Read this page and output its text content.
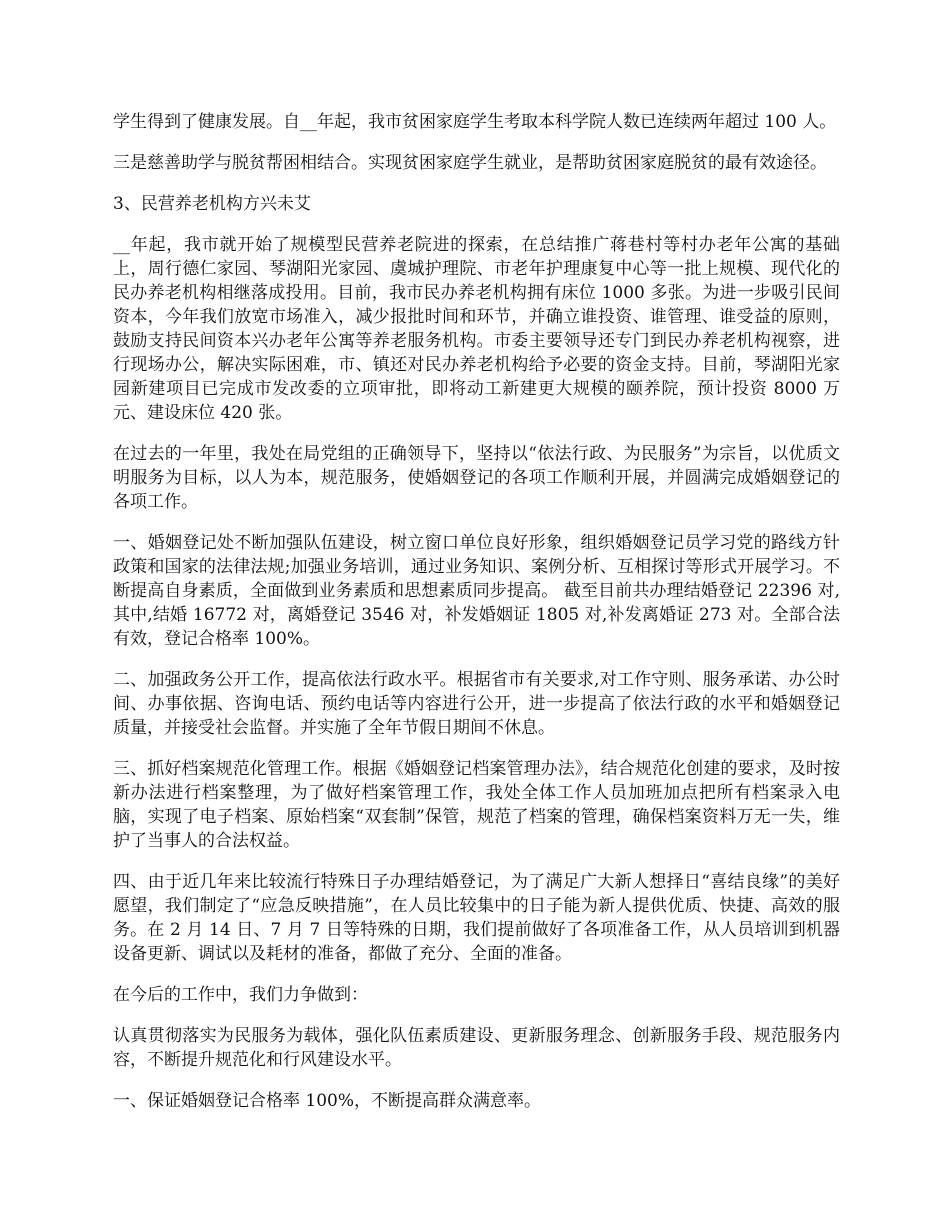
学生得到了健康发展。自__年起，我市贫困家庭学生考取本科学院人数已连续两年超过 100 人。

三是慈善助学与脱贫帮困相结合。实现贫困家庭学生就业，是帮助贫困家庭脱贫的最有效途径。

3、民营养老机构方兴未艾

__年起，我市就开始了规模型民营养老院进的探索，在总结推广蒋巷村等村办老年公寓的基础上，周行德仁家园、琴湖阳光家园、虞城护理院、市老年护理康复中心等一批上规模、现代化的民办养老机构相继落成投用。目前，我市民办养老机构拥有床位 1000 多张。为进一步吸引民间资本，今年我们放宽市场准入，减少报批时间和环节，并确立谁投资、谁管理、谁受益的原则，鼓励支持民间资本兴办老年公寓等养老服务机构。市委主要领导还专门到民办养老机构视察，进行现场办公，解决实际困难，市、镇还对民办养老机构给予必要的资金支持。目前，琴湖阳光家园新建项目已完成市发改委的立项审批，即将动工新建更大规模的颐养院，预计投资 8000 万元、建设床位 420 张。

在过去的一年里，我处在局党组的正确领导下，坚持以“依法行政、为民服务”为宗旨，以优质文明服务为目标，以人为本，规范服务，使婚姻登记的各项工作顺利开展，并圆满完成婚姻登记的各项工作。

一、婚姻登记处不断加强队伍建设，树立窗口单位良好形象，组织婚姻登记员学习党的路线方针政策和国家的法律法规;加强业务培训，通过业务知识、案例分析、互相探讨等形式开展学习。不断提高自身素质，全面做到业务素质和思想素质同步提高。 截至目前共办理结婚登记 22396 对,其中,结婚 16772 对，离婚登记 3546 对，补发婚姻证 1805 对,补发离婚证 273 对。全部合法有效，登记合格率 100%。

二、加强政务公开工作，提高依法行政水平。根据省市有关要求,对工作守则、服务承诺、办公时间、办事依据、咨询电话、预约电话等内容进行公开，进一步提高了依法行政的水平和婚姻登记质量，并接受社会监督。并实施了全年节假日期间不休息。

三、抓好档案规范化管理工作。根据《婚姻登记档案管理办法》，结合规范化创建的要求，及时按新办法进行档案整理，为了做好档案管理工作，我处全体工作人员加班加点把所有档案录入电脑，实现了电子档案、原始档案“双套制”保管，规范了档案的管理，确保档案资料万无一失，维护了当事人的合法权益。

四、由于近几年来比较流行特殊日子办理结婚登记，为了满足广大新人想择日“喜结良缘”的美好愿望，我们制定了“应急反映措施”，在人员比较集中的日子能为新人提供优质、快捷、高效的服务。在 2 月 14 日、7 月 7 日等特殊的日期，我们提前做好了各项准备工作，从人员培训到机器设备更新、调试以及耗材的准备，都做了充分、全面的准备。

在今后的工作中，我们力争做到：

认真贯彻落实为民服务为载体，强化队伍素质建设、更新服务理念、创新服务手段、规范服务内容，不断提升规范化和行风建设水平。

一、保证婚姻登记合格率 100%，不断提高群众满意率。
